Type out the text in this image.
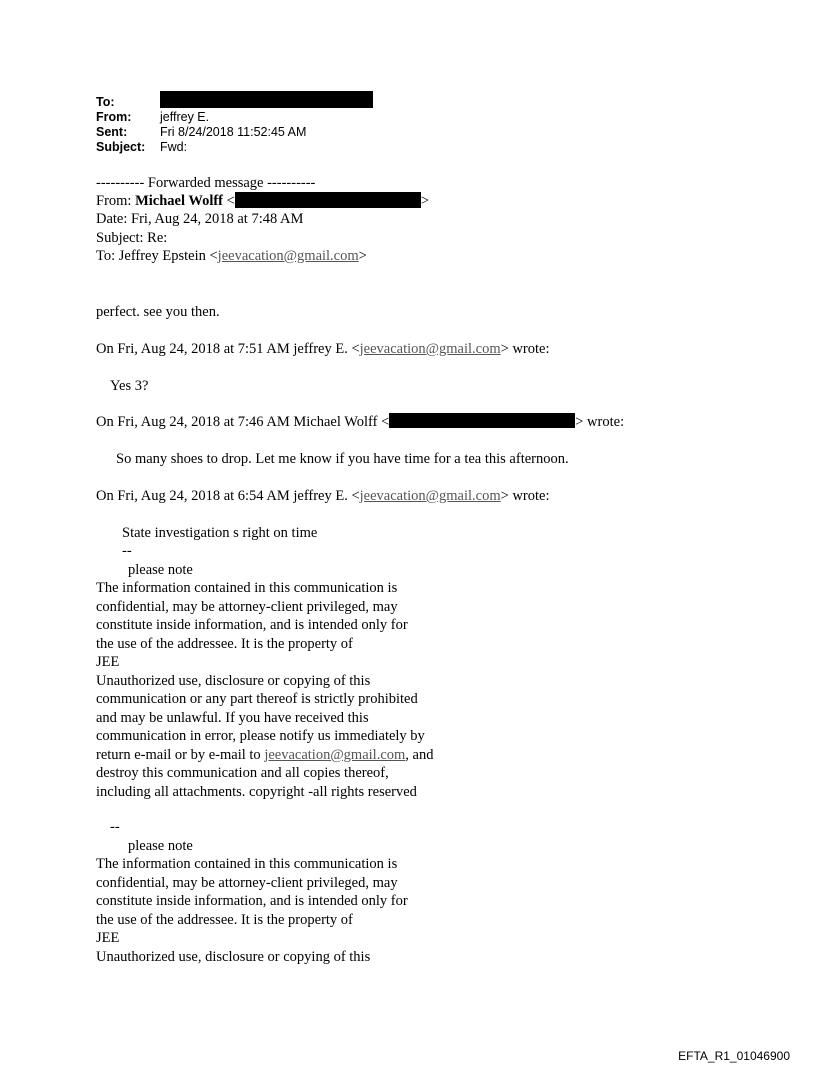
To:
From:	jeffrey E.
Sent:	Fri 8/24/2018 11:52:45 AM
Subject:	Fwd:
---------- Forwarded message ----------
From: Michael Wolff <	>
Date: Fri, Aug 24, 2018 at 7:48 AM
Subject: Re:
To: Jeffrey Epstein <jeevacation@gmail.com>
perfect. see you then.
On Fri, Aug 24, 2018 at 7:51 AM jeffrey E. <jeevacation@gmail.com> wrote:
Yes 3?
On Fri, Aug 24, 2018 at 7:46 AM Michael Wolff <	> wrote:
So many shoes to drop. Let me know if you have time for a tea this afternoon.
On Fri, Aug 24, 2018 at 6:54 AM jeffrey E. <jeevacation@gmail.com> wrote:
State investigation s right on time
--
please note
The information contained in this communication is
confidential, may be attorney-client privileged, may
constitute inside information, and is intended only for
the use of the addressee. It is the property of
JEE
Unauthorized use, disclosure or copying of this
communication or any part thereof is strictly prohibited
and may be unlawful. If you have received this
communication in error, please notify us immediately by
return e-mail or by e-mail to jeevacation@gmail.com, and
destroy this communication and all copies thereof,
including all attachments. copyright -all rights reserved
--
please note
The information contained in this communication is
confidential, may be attorney-client privileged, may
constitute inside information, and is intended only for
the use of the addressee. It is the property of
JEE
Unauthorized use, disclosure or copying of this
EFTA_R1_01046900
